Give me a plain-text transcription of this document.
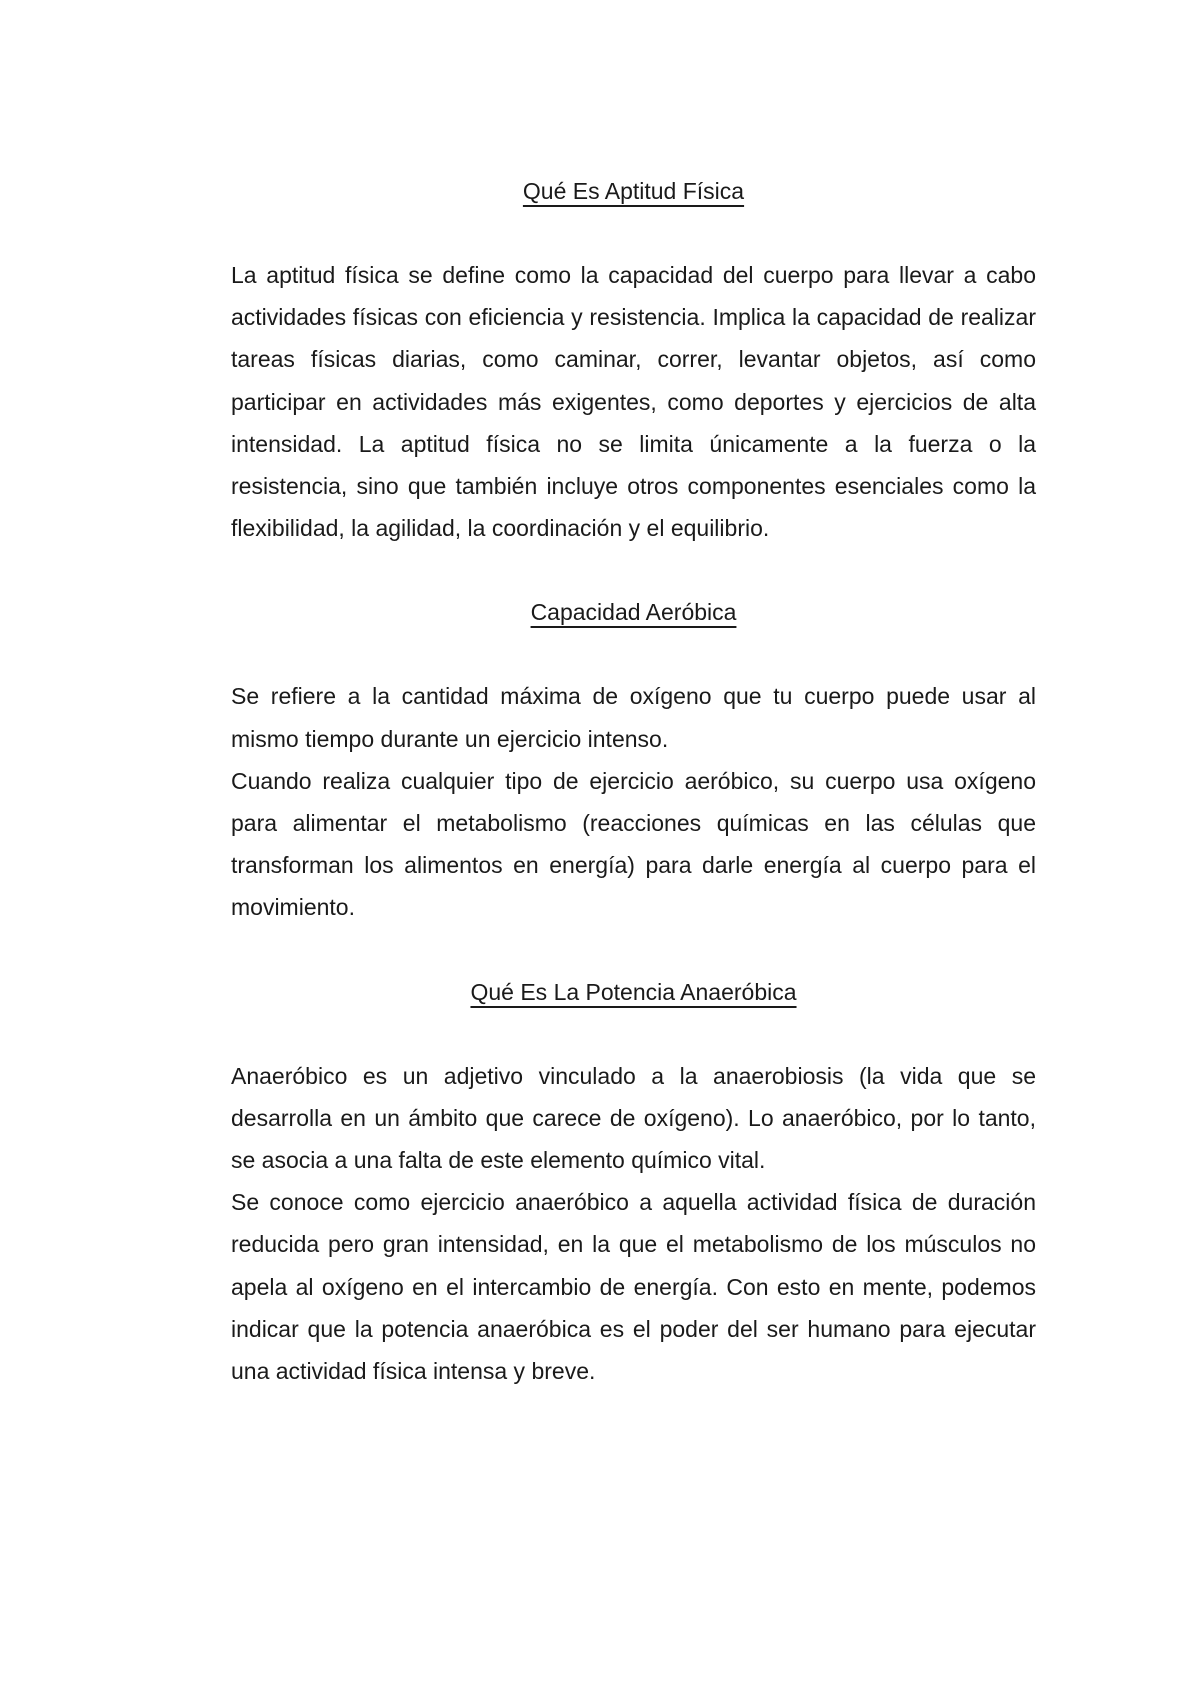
Qué Es Aptitud Física

La aptitud física se define como la capacidad del cuerpo para llevar a cabo actividades físicas con eficiencia y resistencia. Implica la capacidad de realizar tareas físicas diarias, como caminar, correr, levantar objetos, así como participar en actividades más exigentes, como deportes y ejercicios de alta intensidad. La aptitud física no se limita únicamente a la fuerza o la resistencia, sino que también incluye otros componentes esenciales como la flexibilidad, la agilidad, la coordinación y el equilibrio.

Capacidad Aeróbica

Se refiere a la cantidad máxima de oxígeno que tu cuerpo puede usar al mismo tiempo durante un ejercicio intenso.

Cuando realiza cualquier tipo de ejercicio aeróbico, su cuerpo usa oxígeno para alimentar el metabolismo (reacciones químicas en las células que transforman los alimentos en energía) para darle energía al cuerpo para el movimiento.

Qué Es La Potencia Anaeróbica

Anaeróbico es un adjetivo vinculado a la anaerobiosis (la vida que se desarrolla en un ámbito que carece de oxígeno). Lo anaeróbico, por lo tanto, se asocia a una falta de este elemento químico vital.

Se conoce como ejercicio anaeróbico a aquella actividad física de duración reducida pero gran intensidad, en la que el metabolismo de los músculos no apela al oxígeno en el intercambio de energía. Con esto en mente, podemos indicar que la potencia anaeróbica es el poder del ser humano para ejecutar una actividad física intensa y breve.
